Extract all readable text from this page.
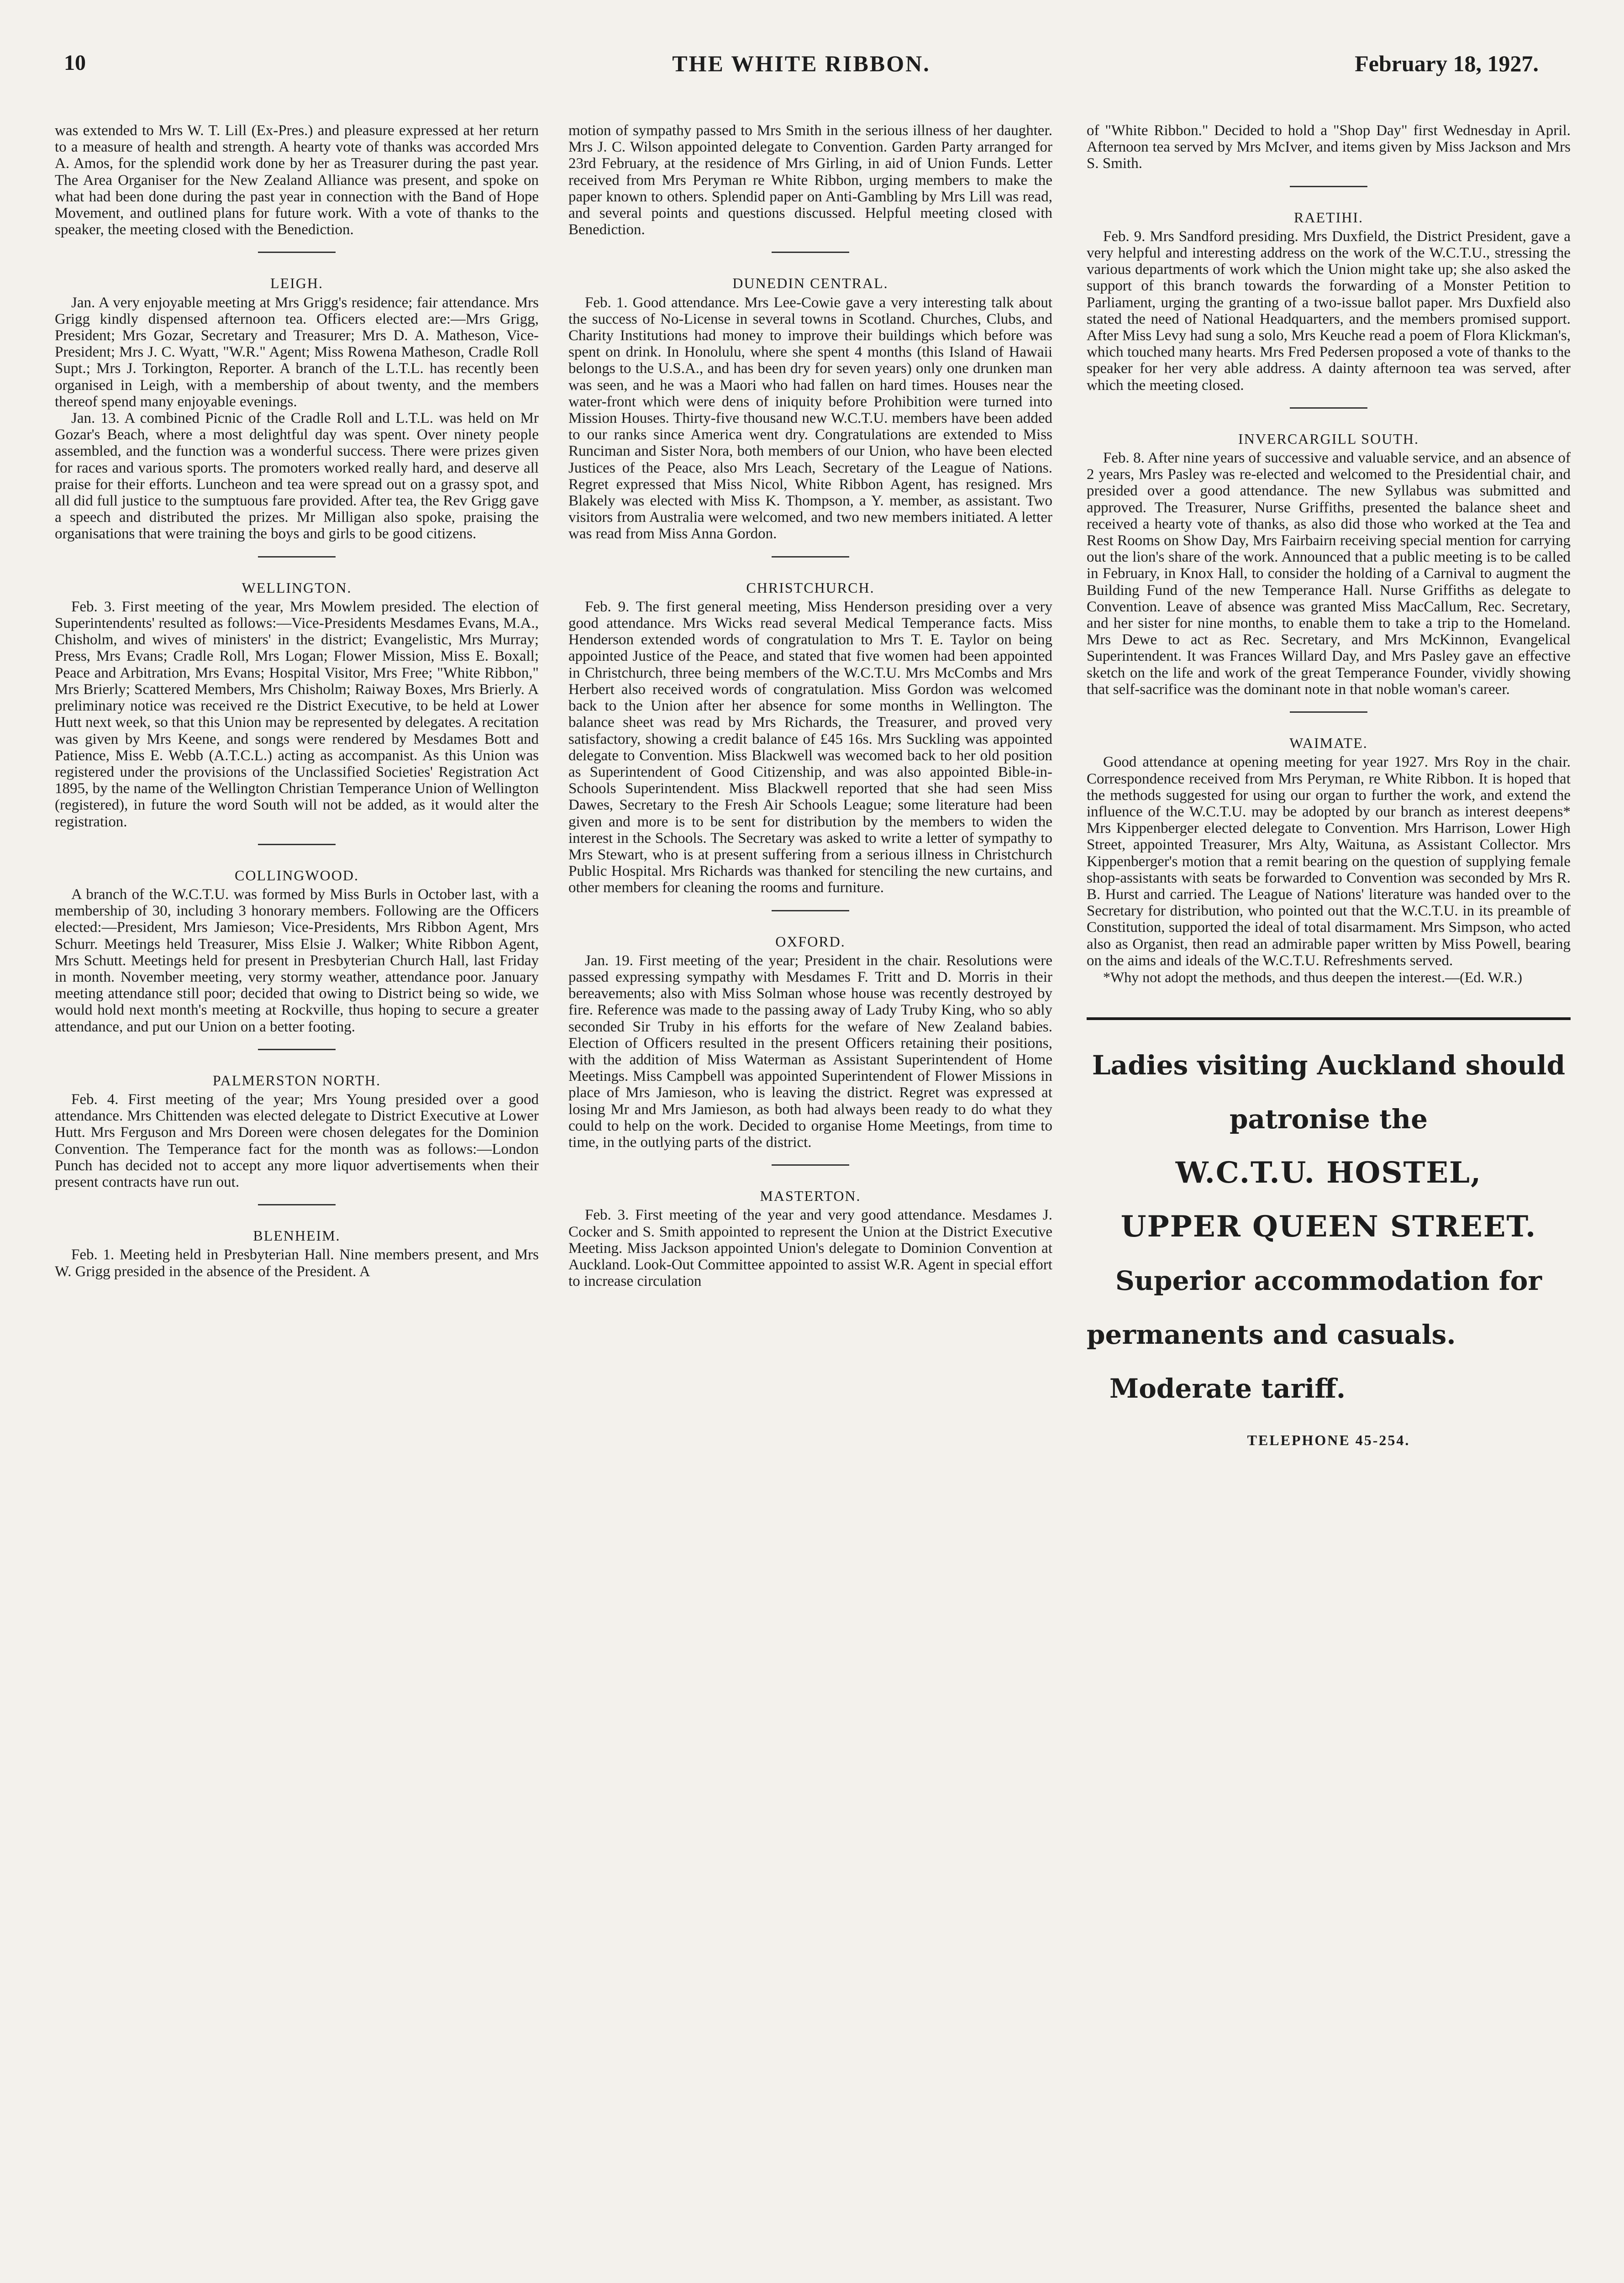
10	THE WHITE RIBBON.	February 18, 1927.

was extended to Mrs W. T. Lill (Ex-Pres.) and pleasure expressed at her return to a measure of health and strength. A hearty vote of thanks was accorded Mrs A. Amos, for the splendid work done by her as Treasurer during the past year. The Area Organiser for the New Zealand Alliance was present, and spoke on what had been done during the past year in connection with the Band of Hope Movement, and outlined plans for future work. With a vote of thanks to the speaker, the meeting closed with the Benediction.

LEIGH.

Jan. A very enjoyable meeting at Mrs Grigg's residence; fair attendance. Mrs Grigg kindly dispensed afternoon tea. Officers elected are:—Mrs Grigg, President; Mrs Gozar, Secretary and Treasurer; Mrs D. A. Matheson, Vice-President; Mrs J. C. Wyatt, "W.R." Agent; Miss Rowena Matheson, Cradle Roll Supt.; Mrs J. Torkington, Reporter. A branch of the L.T.L. has recently been organised in Leigh, with a membership of about twenty, and the members thereof spend many enjoyable evenings.

Jan. 13. A combined Picnic of the Cradle Roll and L.T.L. was held on Mr Gozar's Beach, where a most delightful day was spent. Over ninety people assembled, and the function was a wonderful success. There were prizes given for races and various sports. The promoters worked really hard, and deserve all praise for their efforts. Luncheon and tea were spread out on a grassy spot, and all did full justice to the sumptuous fare provided. After tea, the Rev Grigg gave a speech and distributed the prizes. Mr Milligan also spoke, praising the organisations that were training the boys and girls to be good citizens.

WELLINGTON.

Feb. 3. First meeting of the year, Mrs Mowlem presided. The election of Superintendents' resulted as follows:—Vice-Presidents Mesdames Evans, M.A., Chisholm, and wives of ministers' in the district; Evangelistic, Mrs Murray; Press, Mrs Evans; Cradle Roll, Mrs Logan; Flower Mission, Miss E. Boxall; Peace and Arbitration, Mrs Evans; Hospital Visitor, Mrs Free; "White Ribbon," Mrs Brierly; Scattered Members, Mrs Chisholm; Raiway Boxes, Mrs Brierly. A preliminary notice was received re the District Executive, to be held at Lower Hutt next week, so that this Union may be represented by delegates. A recitation was given by Mrs Keene, and songs were rendered by Mesdames Bott and Patience, Miss E. Webb (A.T.C.L.) acting as accompanist. As this Union was registered under the provisions of the Unclassified Societies' Registration Act 1895, by the name of the Wellington Christian Temperance Union of Wellington (registered), in future the word South will not be added, as it would alter the registration.

COLLINGWOOD.

A branch of the W.C.T.U. was formed by Miss Burls in October last, with a membership of 30, including 3 honorary members. Following are the Officers elected:—President, Mrs Jamieson; Vice-Presidents, Mrs Ribbon Agent, Mrs Schurr. Meetings held Treasurer, Miss Elsie J. Walker; White Ribbon Agent, Mrs Schutt. Meetings held for present in Presbyterian Church Hall, last Friday in month. November meeting, very stormy weather, attendance poor. January meeting attendance still poor; decided that owing to District being so wide, we would hold next month's meeting at Rockville, thus hoping to secure a greater attendance, and put our Union on a better footing.

PALMERSTON NORTH.

Feb. 4. First meeting of the year; Mrs Young presided over a good attendance. Mrs Chittenden was elected delegate to District Executive at Lower Hutt. Mrs Ferguson and Mrs Doreen were chosen delegates for the Dominion Convention. The Temperance fact for the month was as follows:—London Punch has decided not to accept any more liquor advertisements when their present contracts have run out.

BLENHEIM.

Feb. 1. Meeting held in Presbyterian Hall. Nine members present, and Mrs W. Grigg presided in the absence of the President. A

motion of sympathy passed to Mrs Smith in the serious illness of her daughter. Mrs J. C. Wilson appointed delegate to Convention. Garden Party arranged for 23rd February, at the residence of Mrs Girling, in aid of Union Funds. Letter received from Mrs Peryman re White Ribbon, urging members to make the paper known to others. Splendid paper on Anti-Gambling by Mrs Lill was read, and several points and questions discussed. Helpful meeting closed with Benediction.

DUNEDIN CENTRAL.

Feb. 1. Good attendance. Mrs Lee-Cowie gave a very interesting talk about the success of No-License in several towns in Scotland. Churches, Clubs, and Charity Institutions had money to improve their buildings which before was spent on drink. In Honolulu, where she spent 4 months (this Island of Hawaii belongs to the U.S.A., and has been dry for seven years) only one drunken man was seen, and he was a Maori who had fallen on hard times. Houses near the water-front which were dens of iniquity before Prohibition were turned into Mission Houses. Thirty-five thousand new W.C.T.U. members have been added to our ranks since America went dry. Congratulations are extended to Miss Runciman and Sister Nora, both members of our Union, who have been elected Justices of the Peace, also Mrs Leach, Secretary of the League of Nations. Regret expressed that Miss Nicol, White Ribbon Agent, has resigned. Mrs Blakely was elected with Miss K. Thompson, a Y. member, as assistant. Two visitors from Australia were welcomed, and two new members initiated. A letter was read from Miss Anna Gordon.

CHRISTCHURCH.

Feb. 9. The first general meeting, Miss Henderson presiding over a very good attendance. Mrs Wicks read several Medical Temperance facts. Miss Henderson extended words of congratulation to Mrs T. E. Taylor on being appointed Justice of the Peace, and stated that five women had been appointed in Christchurch, three being members of the W.C.T.U. Mrs McCombs and Mrs Herbert also received words of congratulation. Miss Gordon was welcomed back to the Union after her absence for some months in Wellington. The balance sheet was read by Mrs Richards, the Treasurer, and proved very satisfactory, showing a credit balance of £45 16s. Mrs Suckling was appointed delegate to Convention. Miss Blackwell was wecomed back to her old position as Superintendent of Good Citizenship, and was also appointed Bible-in-Schools Superintendent. Miss Blackwell reported that she had seen Miss Dawes, Secretary to the Fresh Air Schools League; some literature had been given and more is to be sent for distribution by the members to widen the interest in the Schools. The Secretary was asked to write a letter of sympathy to Mrs Stewart, who is at present suffering from a serious illness in Christchurch Public Hospital. Mrs Richards was thanked for stenciling the new curtains, and other members for cleaning the rooms and furniture.

OXFORD.

Jan. 19. First meeting of the year; President in the chair. Resolutions were passed expressing sympathy with Mesdames F. Tritt and D. Morris in their bereavements; also with Miss Solman whose house was recently destroyed by fire. Reference was made to the passing away of Lady Truby King, who so ably seconded Sir Truby in his efforts for the wefare of New Zealand babies. Election of Officers resulted in the present Officers retaining their positions, with the addition of Miss Waterman as Assistant Superintendent of Home Meetings. Miss Campbell was appointed Superintendent of Flower Missions in place of Mrs Jamieson, who is leaving the district. Regret was expressed at losing Mr and Mrs Jamieson, as both had always been ready to do what they could to help on the work. Decided to organise Home Meetings, from time to time, in the outlying parts of the district.

MASTERTON.

Feb. 3. First meeting of the year and very good attendance. Mesdames J. Cocker and S. Smith appointed to represent the Union at the District Executive Meeting. Miss Jackson appointed Union's delegate to Dominion Convention at Auckland. Look-Out Committee appointed to assist W.R. Agent in special effort to increase circulation

of "White Ribbon." Decided to hold a "Shop Day" first Wednesday in April. Afternoon tea served by Mrs McIver, and items given by Miss Jackson and Mrs S. Smith.

RAETIHI.

Feb. 9. Mrs Sandford presiding. Mrs Duxfield, the District President, gave a very helpful and interesting address on the work of the W.C.T.U., stressing the various departments of work which the Union might take up; she also asked the support of this branch towards the forwarding of a Monster Petition to Parliament, urging the granting of a two-issue ballot paper. Mrs Duxfield also stated the need of National Headquarters, and the members promised support. After Miss Levy had sung a solo, Mrs Keuche read a poem of Flora Klickman's, which touched many hearts. Mrs Fred Pedersen proposed a vote of thanks to the speaker for her very able address. A dainty afternoon tea was served, after which the meeting closed.

INVERCARGILL SOUTH.

Feb. 8. After nine years of successive and valuable service, and an absence of 2 years, Mrs Pasley was re-elected and welcomed to the Presidential chair, and presided over a good attendance. The new Syllabus was submitted and approved. The Treasurer, Nurse Griffiths, presented the balance sheet and received a hearty vote of thanks, as also did those who worked at the Tea and Rest Rooms on Show Day, Mrs Fairbairn receiving special mention for carrying out the lion's share of the work. Announced that a public meeting is to be called in February, in Knox Hall, to consider the holding of a Carnival to augment the Building Fund of the new Temperance Hall. Nurse Griffiths as delegate to Convention. Leave of absence was granted Miss MacCallum, Rec. Secretary, and her sister for nine months, to enable them to take a trip to the Homeland. Mrs Dewe to act as Rec. Secretary, and Mrs McKinnon, Evangelical Superintendent. It was Frances Willard Day, and Mrs Pasley gave an effective sketch on the life and work of the great Temperance Founder, vividly showing that self-sacrifice was the dominant note in that noble woman's career.

WAIMATE.

Good attendance at opening meeting for year 1927. Mrs Roy in the chair. Correspondence received from Mrs Peryman, re White Ribbon. It is hoped that the methods suggested for using our organ to further the work, and extend the influence of the W.C.T.U. may be adopted by our branch as interest deepens* Mrs Kippenberger elected delegate to Convention. Mrs Harrison, Lower High Street, appointed Treasurer, Mrs Alty, Waituna, as Assistant Collector. Mrs Kippenberger's motion that a remit bearing on the question of supplying female shop-assistants with seats be forwarded to Convention was seconded by Mrs R. B. Hurst and carried. The League of Nations' literature was handed over to the Secretary for distribution, who pointed out that the W.C.T.U. in its preamble of Constitution, supported the ideal of total disarmament. Mrs Simpson, who acted also as Organist, then read an admirable paper written by Miss Powell, bearing on the aims and ideals of the W.C.T.U. Refreshments served.

*Why not adopt the methods, and thus deepen the interest.—(Ed. W.R.)

Ladies visiting Auckland should

patronise the

W.C.T.U. HOSTEL,

UPPER QUEEN STREET.

Superior accommodation for

permanents and casuals.

Moderate tariff.

TELEPHONE 45-254.
